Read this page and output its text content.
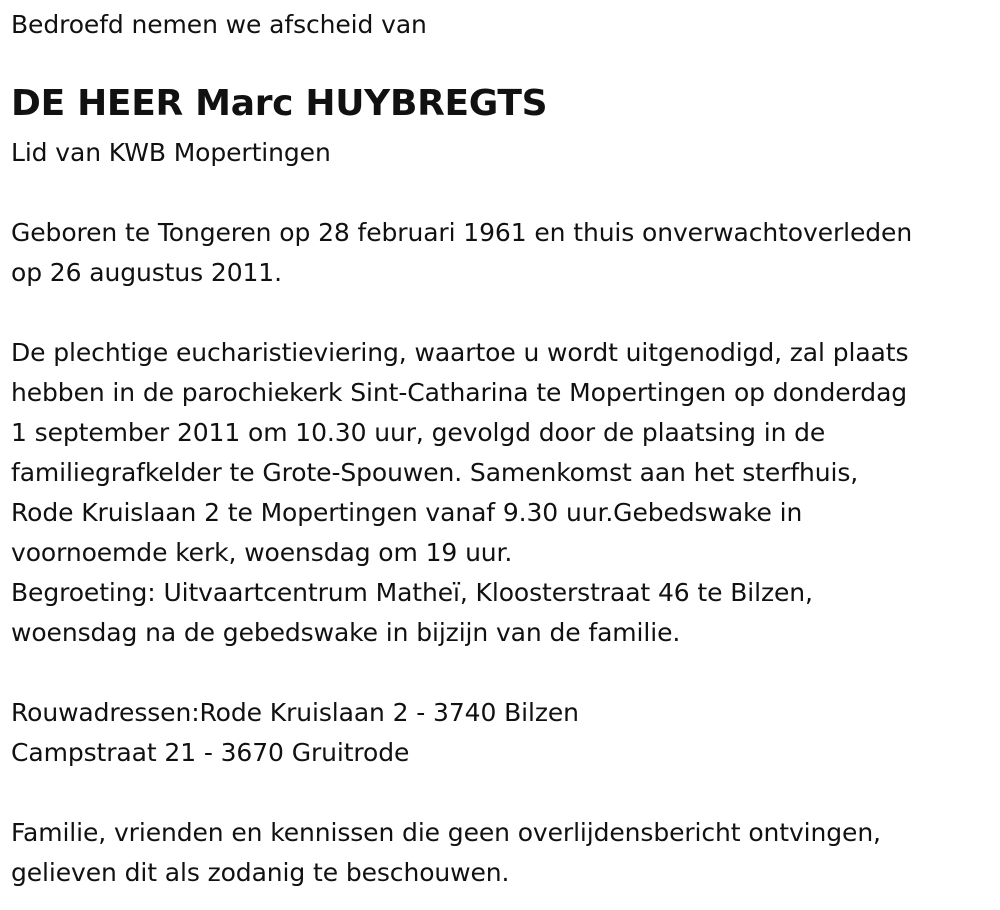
Bedroefd nemen we afscheid van
DE HEER Marc HUYBREGTS
Lid van KWB Mopertingen
Geboren te Tongeren op 28 februari 1961 en thuis onverwachtoverleden
op 26 augustus 2011.
De plechtige eucharistieviering, waartoe u wordt uitgenodigd, zal plaats
hebben in de parochiekerk Sint-Catharina te Mopertingen op donderdag
1 september 2011 om 10.30 uur, gevolgd door de plaatsing in de
familiegrafkelder te Grote-Spouwen. Samenkomst aan het sterfhuis,
Rode Kruislaan 2 te Mopertingen vanaf 9.30 uur.Gebedswake in
voornoemde kerk, woensdag om 19 uur.
Begroeting: Uitvaartcentrum Matheï, Kloosterstraat 46 te Bilzen,
woensdag na de gebedswake in bijzijn van de familie.
Rouwadressen:Rode Kruislaan 2 - 3740 Bilzen
Campstraat 21 - 3670 Gruitrode
Familie, vrienden en kennissen die geen overlijdensbericht ontvingen,
gelieven dit als zodanig te beschouwen.
